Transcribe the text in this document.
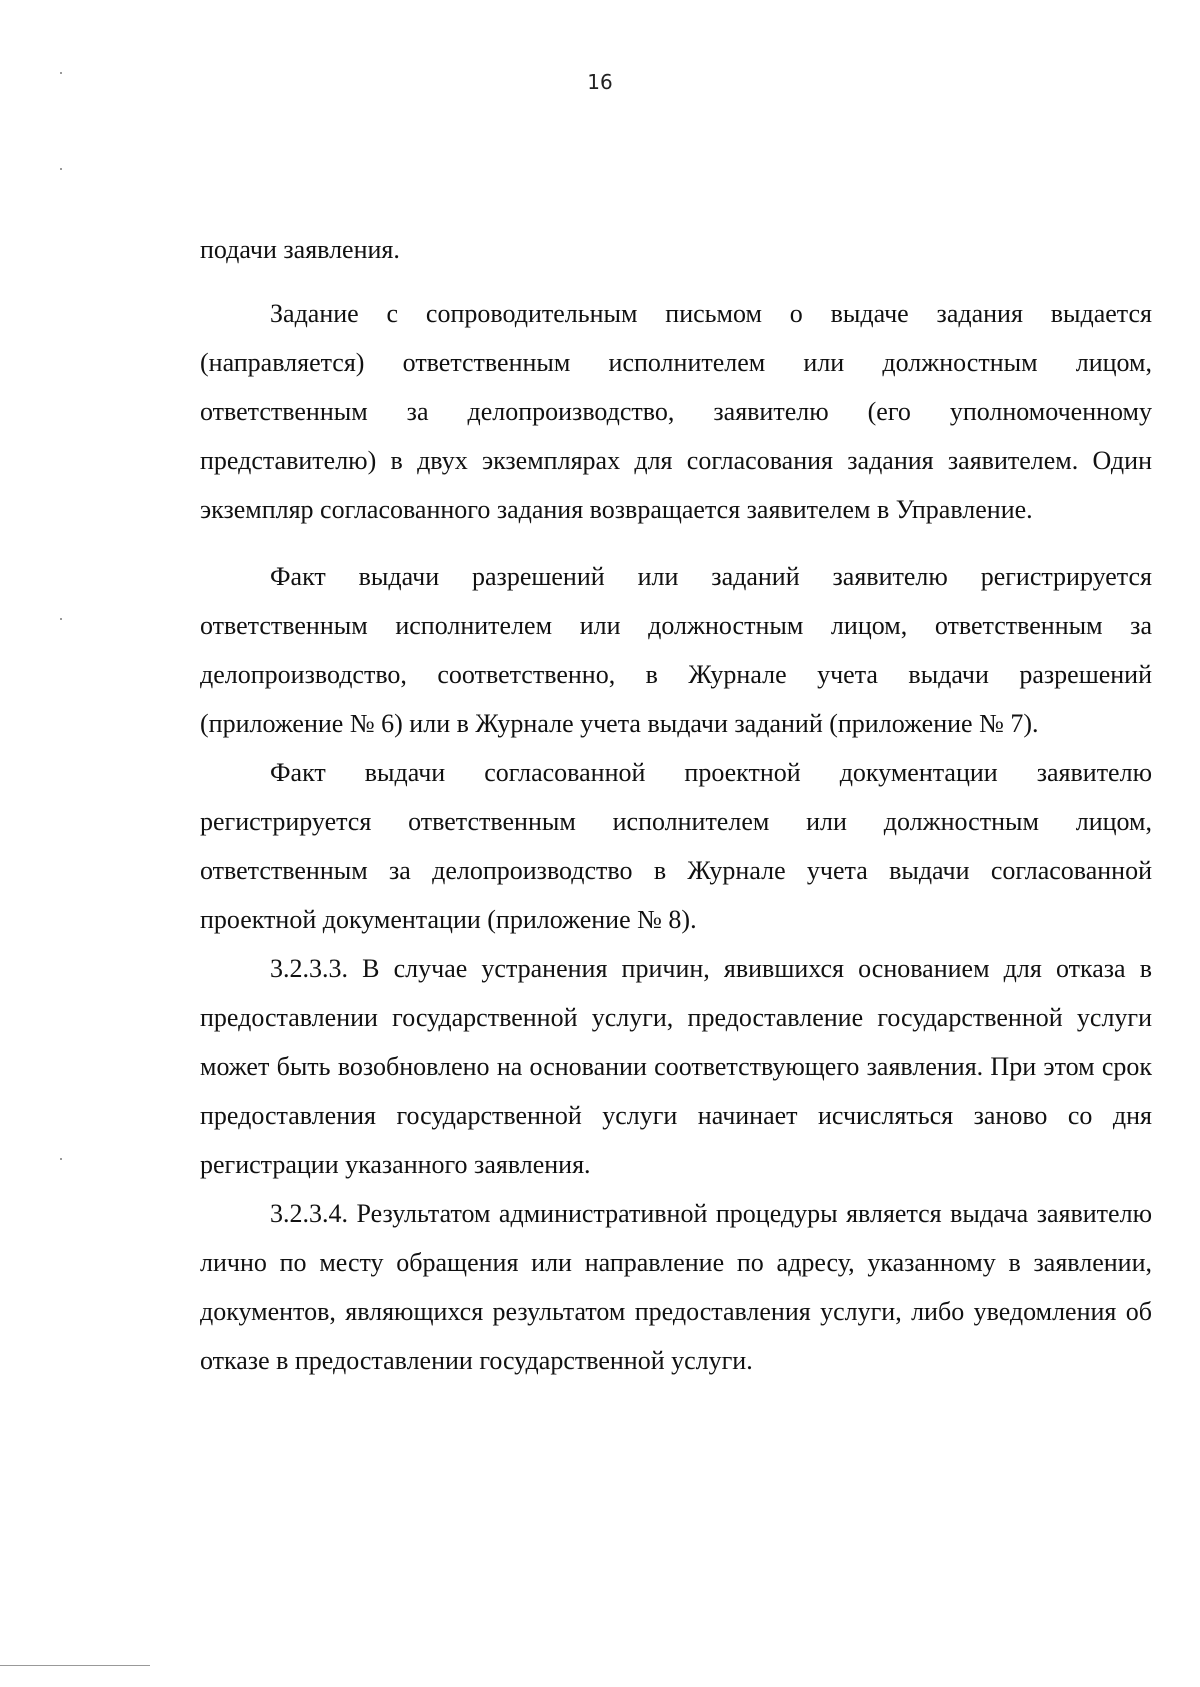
16

подачи заявления.

Задание с сопроводительным письмом о выдаче задания выдается (направляется) ответственным исполнителем или должностным лицом, ответственным за делопроизводство, заявителю (его уполномоченному представителю) в двух экземплярах для согласования задания заявителем. Один экземпляр согласованного задания возвращается заявителем в Управление.

Факт выдачи разрешений или заданий заявителю регистрируется ответственным исполнителем или должностным лицом, ответственным за делопроизводство, соответственно, в Журнале учета выдачи разрешений (приложение № 6) или в Журнале учета выдачи заданий (приложение № 7).

Факт выдачи согласованной проектной документации заявителю регистрируется ответственным исполнителем или должностным лицом, ответственным за делопроизводство в Журнале учета выдачи согласованной проектной документации (приложение № 8).

3.2.3.3. В случае устранения причин, явившихся основанием для отказа в предоставлении государственной услуги, предоставление государственной услуги может быть возобновлено на основании соответствующего заявления. При этом срок предоставления государственной услуги начинает исчисляться заново со дня регистрации указанного заявления.

3.2.3.4. Результатом административной процедуры является выдача заявителю лично по месту обращения или направление по адресу, указанному в заявлении, документов, являющихся результатом предоставления услуги, либо уведомления об отказе в предоставлении государственной услуги.
